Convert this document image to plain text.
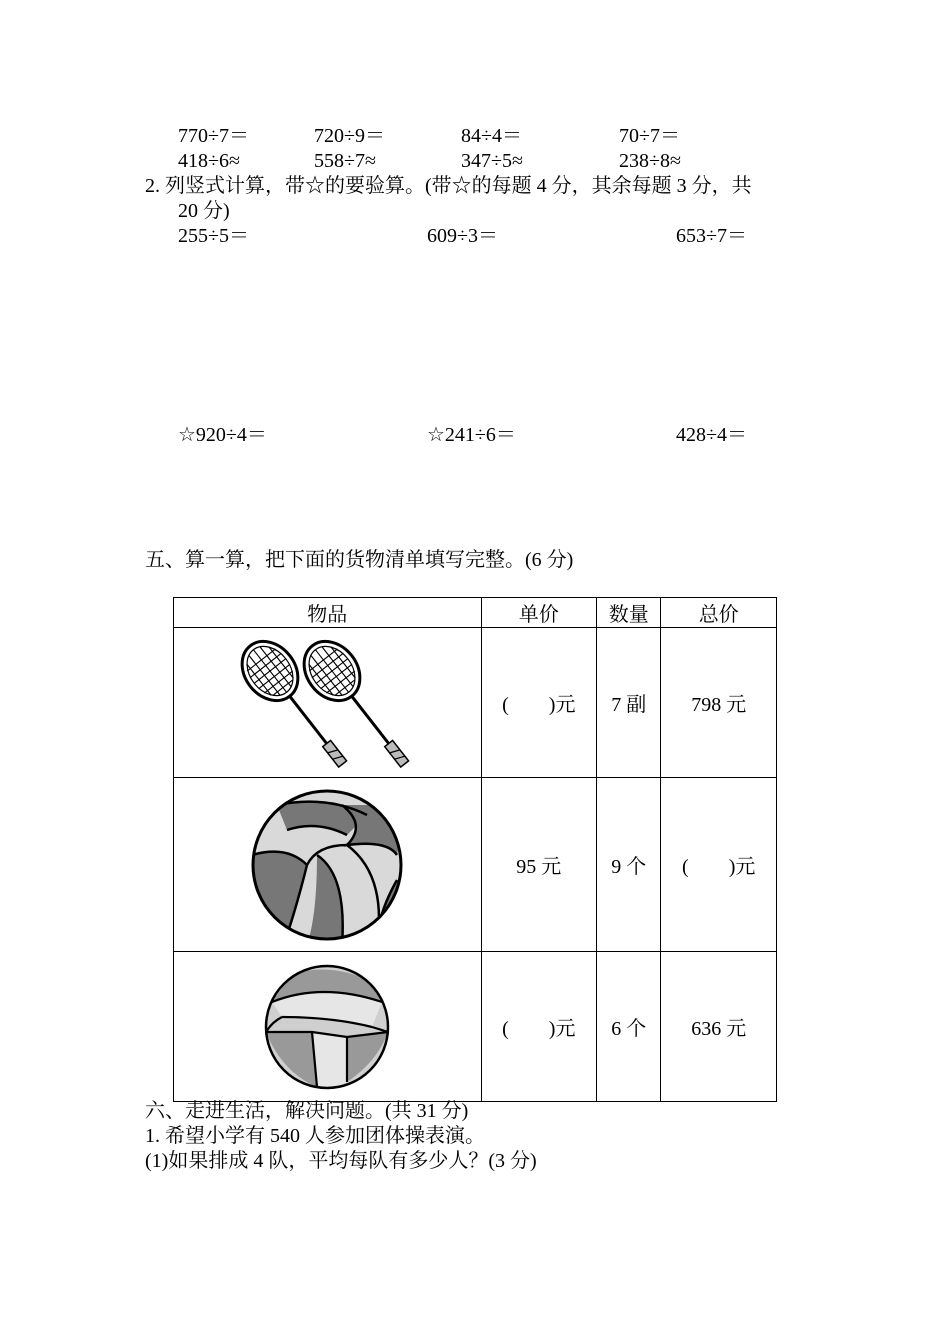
770÷7＝	720÷9＝	84÷4＝	70÷7＝
418÷6≈	558÷7≈	347÷5≈	238÷8≈
2. 列竖式计算，带☆的要验算。(带☆的每题 4 分，其余每题 3 分，共
20 分)
255÷5＝	609÷3＝	653÷7＝
☆920÷4＝	☆241÷6＝	428÷4＝
五、算一算，把下面的货物清单填写完整。(6 分)
物品	单价	数量	总价

	( )元	7 副	798 元

	95 元	9 个	( )元

	( )元	6 个	636 元
六、走进生活，解决问题。(共 31 分)
1. 希望小学有 540 人参加团体操表演。
(1)如果排成 4 队，平均每队有多少人？(3 分)
